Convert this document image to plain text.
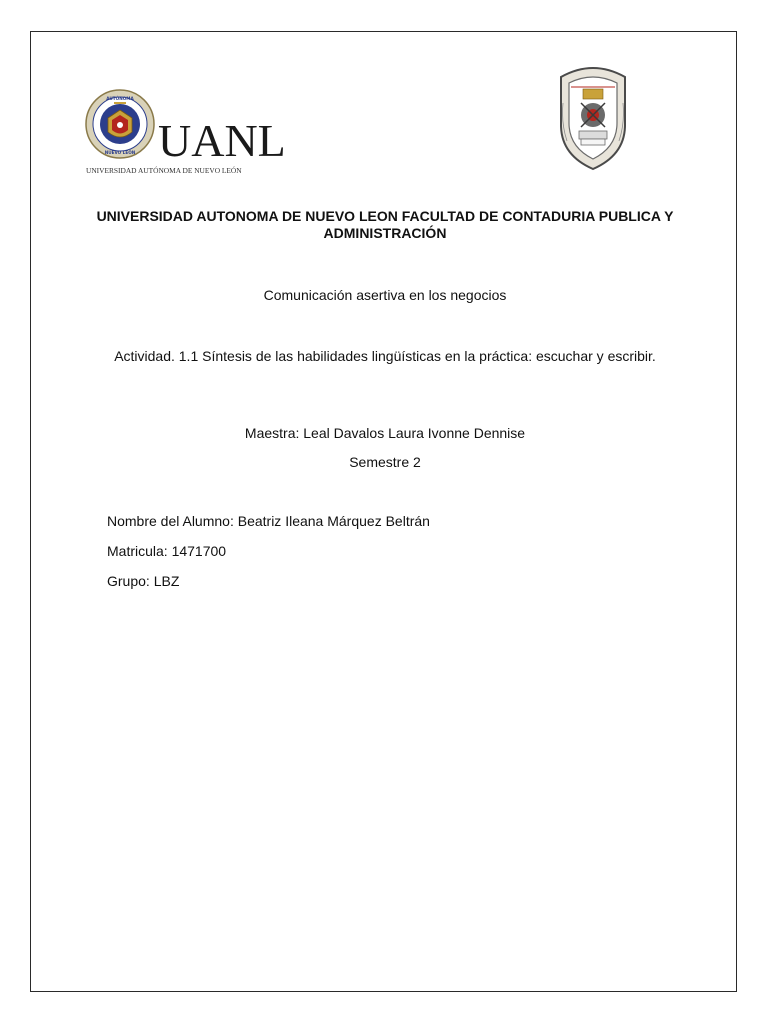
AUTÓNOMA
NUEVO LEÓN UANL
UNIVERSIDAD AUTÓNOMA DE NUEVO LEÓN

UNIVERSIDAD AUTONOMA DE NUEVO LEON FACULTAD DE CONTADURIA PUBLICA Y ADMINISTRACIÓN

Comunicación asertiva en los negocios

Actividad. 1.1 Síntesis de las habilidades lingüísticas en la práctica: escuchar y escribir.

Maestra: Leal Davalos Laura Ivonne Dennise

Semestre 2

Nombre del Alumno: Beatriz Ileana Márquez Beltrán

Matricula: 1471700

Grupo: LBZ
